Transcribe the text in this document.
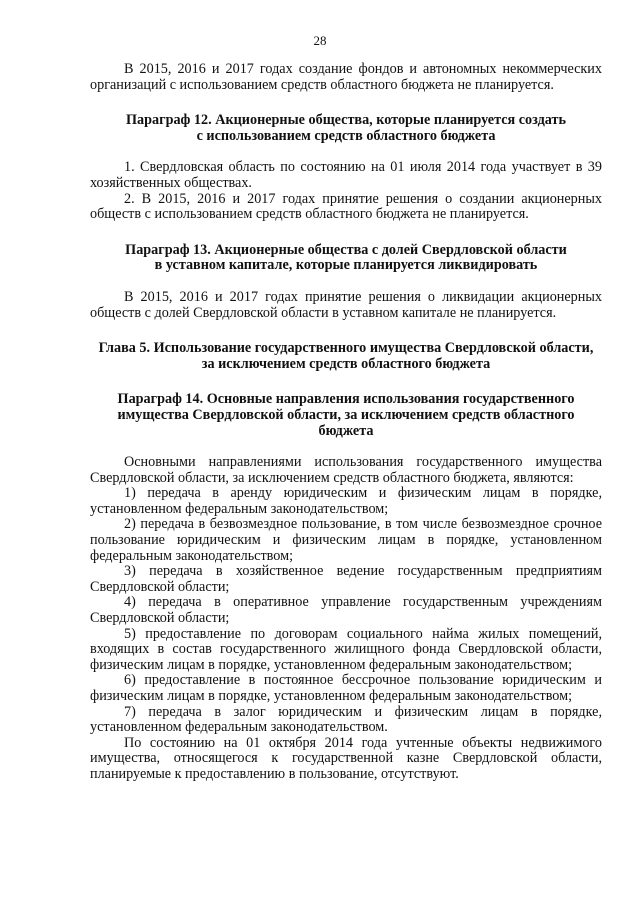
28

В 2015, 2016 и 2017 годах создание фондов и автономных некоммерческих организаций с использованием средств областного бюджета не планируется.

Параграф 12. Акционерные общества, которые планируется создать
с использованием средств областного бюджета

1. Свердловская область по состоянию на 01 июля 2014 года участвует в 39 хозяйственных обществах.

2. В 2015, 2016 и 2017 годах принятие решения о создании акционерных обществ с использованием средств областного бюджета не планируется.

Параграф 13. Акционерные общества с долей Свердловской области
в уставном капитале, которые планируется ликвидировать

В 2015, 2016 и 2017 годах принятие решения о ликвидации акционерных обществ с долей Свердловской области в уставном капитале не планируется.

Глава 5. Использование государственного имущества Свердловской области,
за исключением средств областного бюджета
Параграф 14. Основные направления использования государственного
имущества Свердловской области, за исключением средств областного
бюджета

Основными направлениями использования государственного имущества Свердловской области, за исключением средств областного бюджета, являются:

1) передача в аренду юридическим и физическим лицам в порядке, установленном федеральным законодательством;

2) передача в безвозмездное пользование, в том числе безвозмездное срочное пользование юридическим и физическим лицам в порядке, установленном федеральным законодательством;

3) передача в хозяйственное ведение государственным предприятиям Свердловской области;

4) передача в оперативное управление государственным учреждениям Свердловской области;

5) предоставление по договорам социального найма жилых помещений, входящих в состав государственного жилищного фонда Свердловской области, физическим лицам в порядке, установленном федеральным законодательством;

6) предоставление в постоянное бессрочное пользование юридическим и физическим лицам в порядке, установленном федеральным законодательством;

7) передача в залог юридическим и физическим лицам в порядке, установленном федеральным законодательством.

По состоянию на 01 октября 2014 года учтенные объекты недвижимого имущества, относящегося к государственной казне Свердловской области, планируемые к предоставлению в пользование, отсутствуют.
